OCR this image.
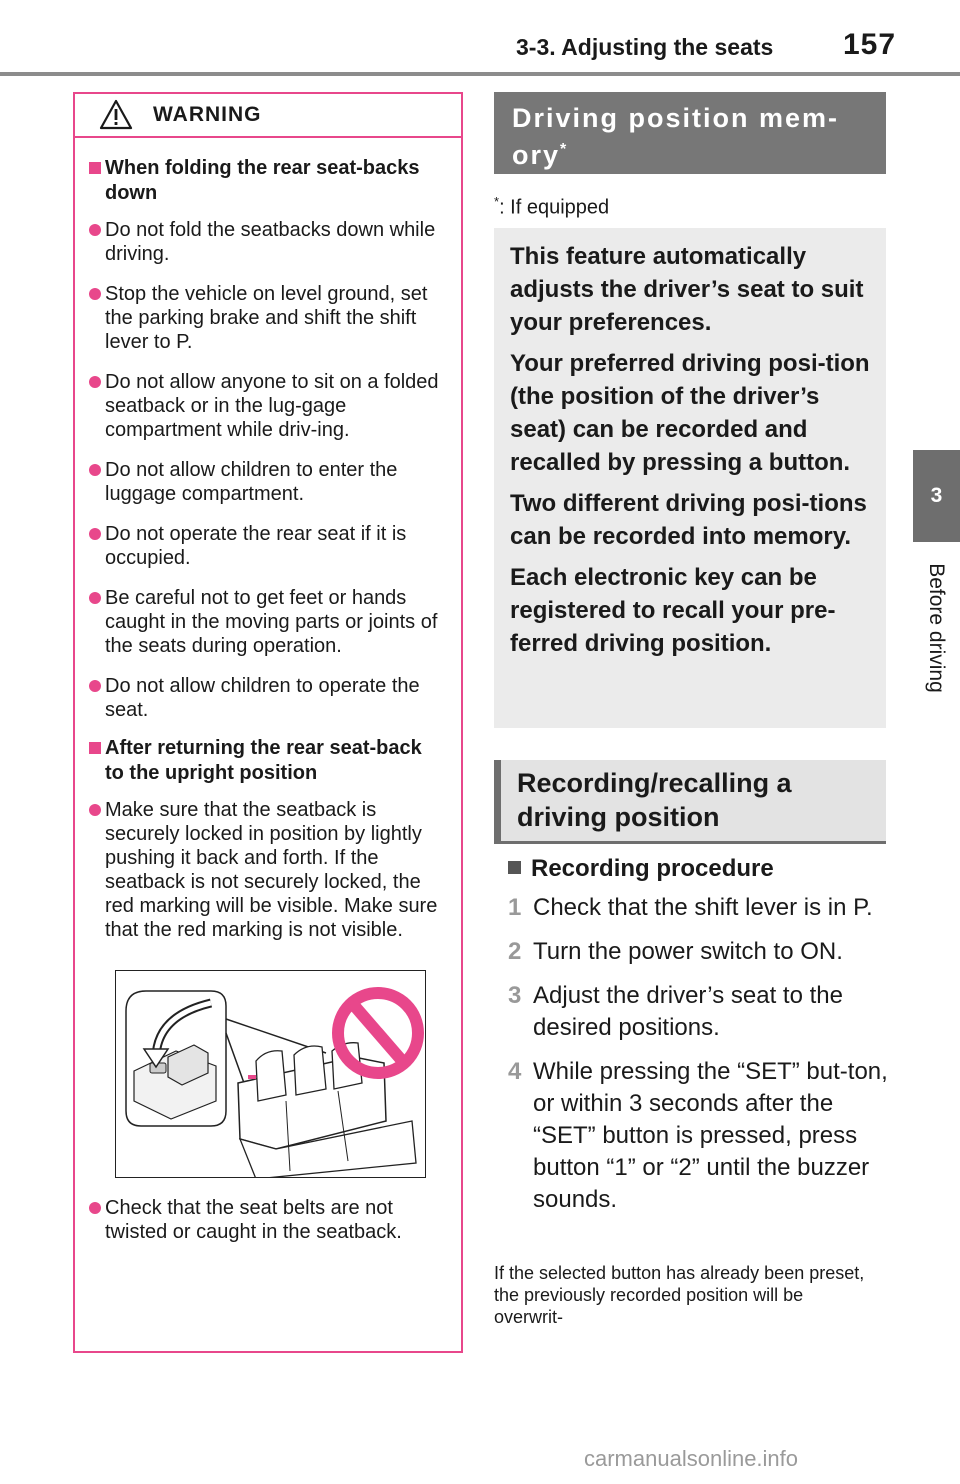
3-3. Adjusting the seats 157
3
Before driving
WARNING
When folding the rear seat-backs down
Do not fold the seatbacks down while driving.
Stop the vehicle on level ground, set the parking brake and shift the shift lever to P.
Do not allow anyone to sit on a folded seatback or in the lug-gage compartment while driv-ing.
Do not allow children to enter the luggage compartment.
Do not operate the rear seat if it is occupied.
Be careful not to get feet or hands caught in the moving parts or joints of the seats during operation.
Do not allow children to operate the seat.
After returning the rear seat-back to the upright position
Make sure that the seatback is securely locked in position by lightly pushing it back and forth. If the seatback is not securely locked, the red marking will be visible. Make sure that the red marking is not visible.
Check that the seat belts are not twisted or caught in the seatback.
Driving position mem-ory*
*: If equipped

This feature automatically adjusts the driver’s seat to suit your preferences.

Your preferred driving posi-tion (the position of the driver’s seat) can be recorded and recalled by pressing a button.

Two different driving posi-tions can be recorded into memory.

Each electronic key can be registered to recall your pre-ferred driving position.

Recording/recalling a driving position
Recording procedure
1 Check that the shift lever is in P.
2 Turn the power switch to ON.
3 Adjust the driver’s seat to the desired positions.
4 While pressing the “SET” but-ton, or within 3 seconds after the “SET” button is pressed, press button “1” or “2” until the buzzer sounds.
If the selected button has already been preset, the previously recorded position will be overwrit-
carmanualsonline.info
